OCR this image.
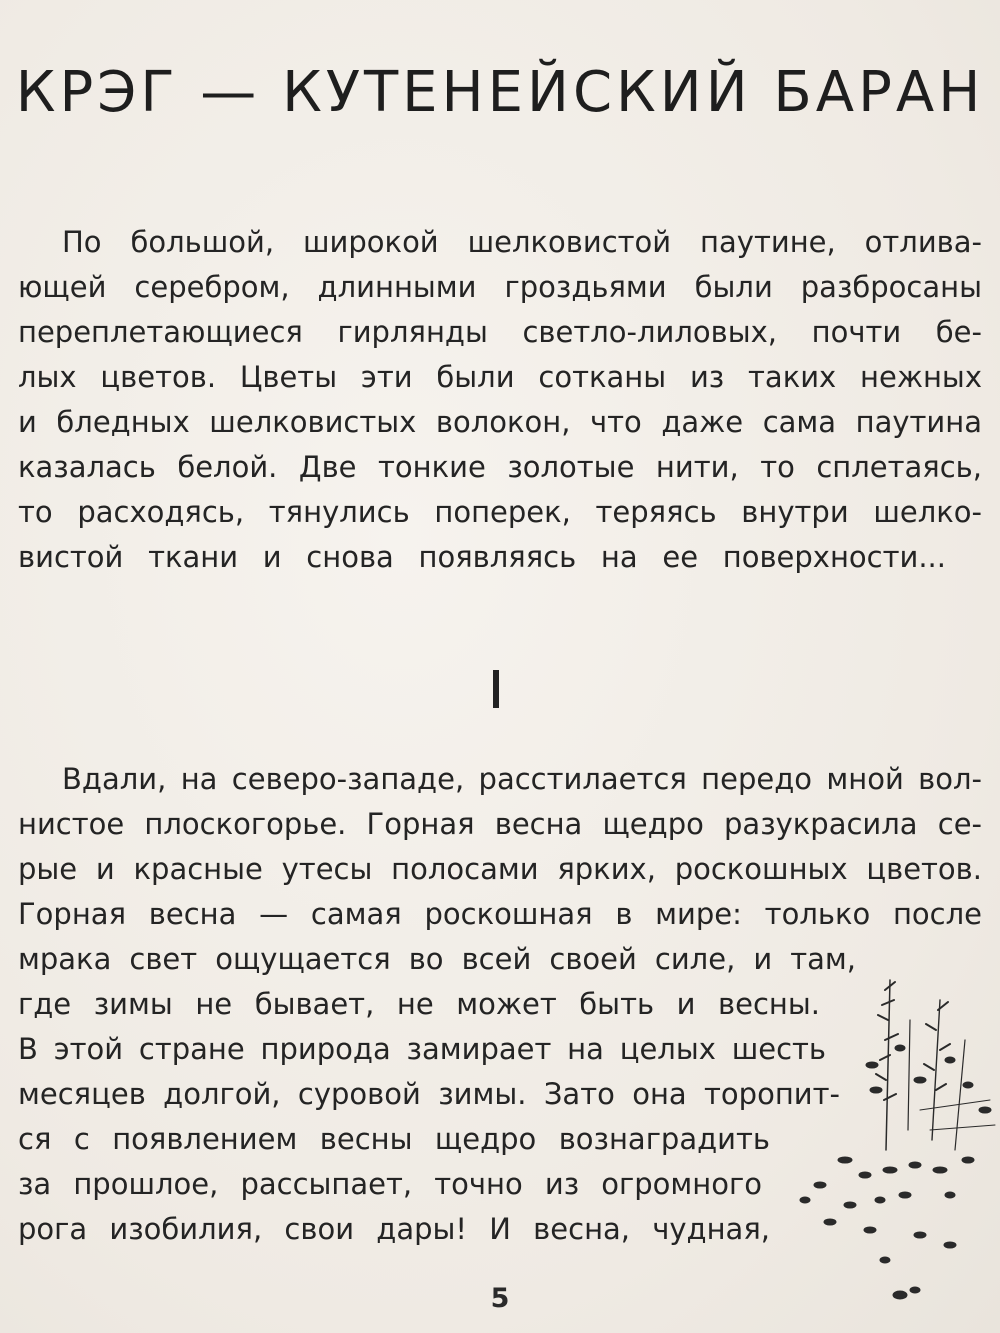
КРЭГ — КУТЕНЕЙСКИЙ БАРАН
По большой, широкой шелковистой паутине, отлива-
ющей серебром, длинными гроздьями были разбросаны
переплетающиеся гирлянды светло-лиловых, почти бе-
лых цветов. Цветы эти были сотканы из таких нежных
и бледных шелковистых волокон, что даже сама паутина
казалась белой. Две тонкие золотые нити, то сплетаясь,
то расходясь, тянулись поперек, теряясь внутри шелко-
вистой ткани и снова появляясь на ее поверхности...
Вдали, на северо-западе, расстилается передо мной вол-
нистое плоскогорье. Горная весна щедро разукрасила се-
рые и красные утесы полосами ярких, роскошных цветов.
Горная весна — самая роскошная в мире: только после
мрака свет ощущается во всей своей силе, и там,
где зимы не бывает, не может быть и весны.
В этой стране природа замирает на целых шесть
месяцев долгой, суровой зимы. Зато она торопит-
ся с появлением весны щедро вознаградить
за прошлое, рассыпает, точно из огромного
рога изобилия, свои дары! И весна, чудная,
5
